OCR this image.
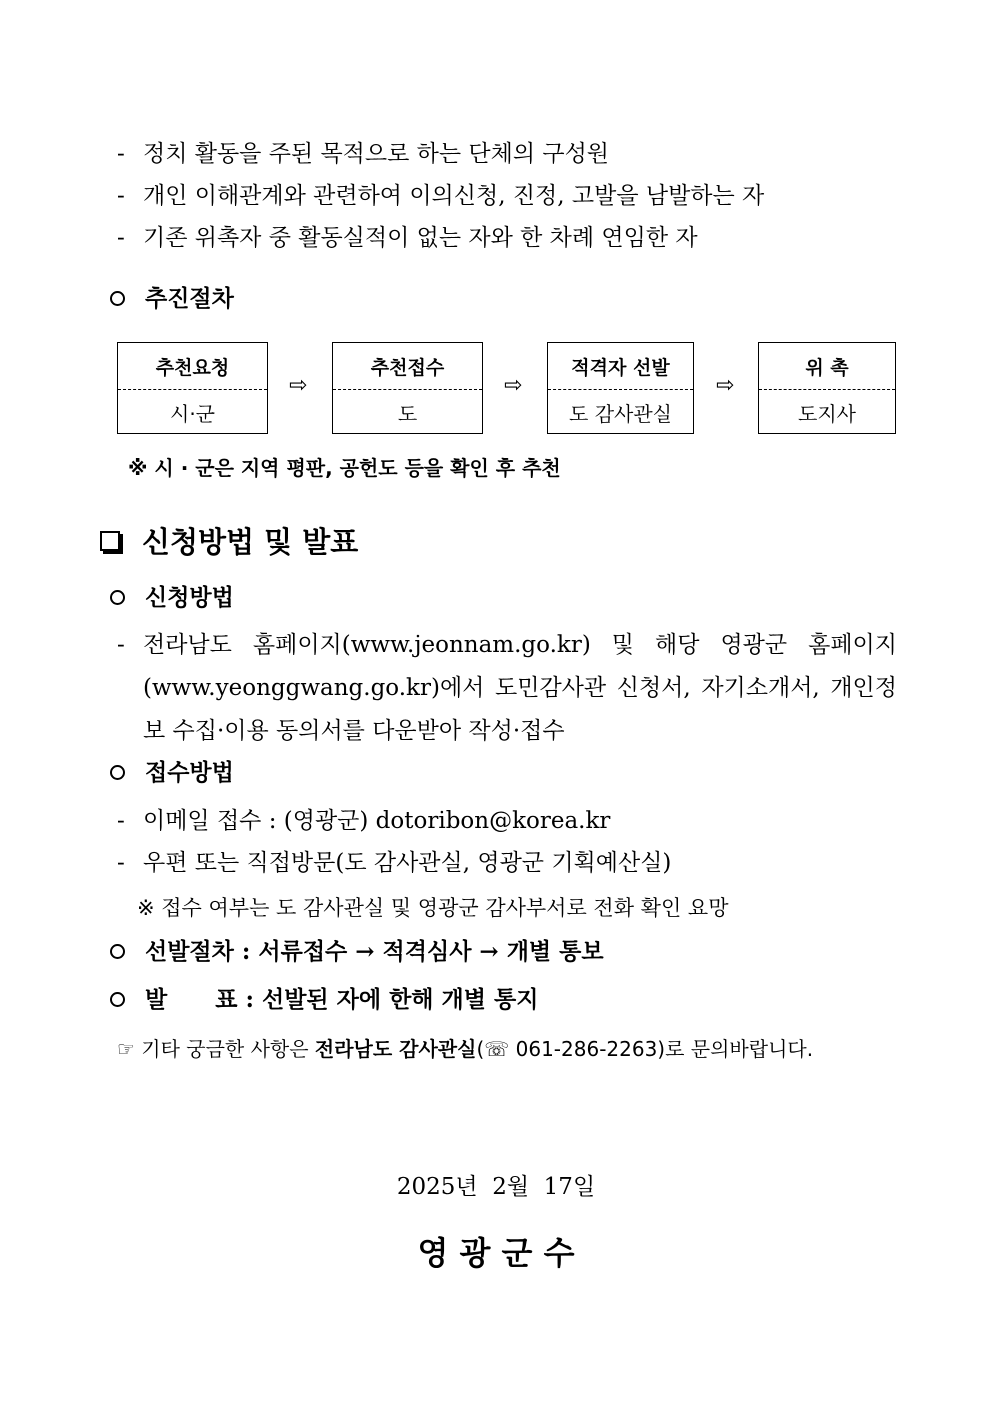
- 정치 활동을 주된 목적으로 하는 단체의 구성원
- 개인 이해관계와 관련하여 이의신청, 진정, 고발을 남발하는 자
- 기존 위촉자 중 활동실적이 없는 자와 한 차례 연임한 자
추진절차
추천요청
시·군
⇨
추천접수
도
⇨
적격자 선발
도 감사관실
⇨
위 촉
도지사
※ 시 · 군은 지역 평판, 공헌도 등을 확인 후 추천
신청방법 및 발표
신청방법
- 전라남도 홈페이지(www.jeonnam.go.kr) 및 해당 영광군 홈페이지(www.yeonggwang.go.kr)에서 도민감사관 신청서, 자기소개서, 개인정보 수집·이용 동의서를 다운받아 작성·접수
접수방법
- 이메일 접수 : (영광군) dotoribon@korea.kr
- 우편 또는 직접방문(도 감사관실, 영광군 기획예산실)
※ 접수 여부는 도 감사관실 및 영광군 감사부서로 전화 확인 요망
선발절차 : 서류접수 → 적격심사 → 개별 통보
발      표 : 선발된 자에 한해 개별 통지
☞ 기타 궁금한 사항은 전라남도 감사관실(☏ 061-286-2263)로 문의바랍니다.
2025년  2월  17일
영 광 군 수
